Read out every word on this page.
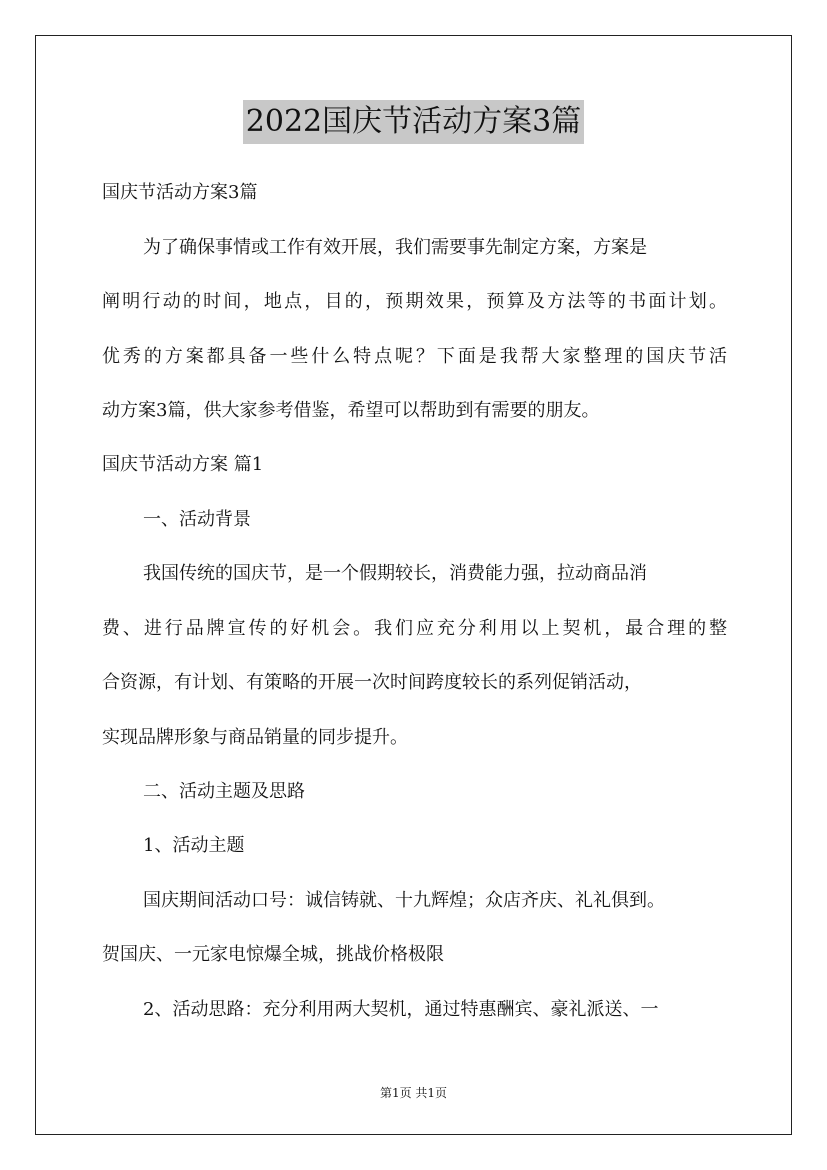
2022国庆节活动方案3篇
国庆节活动方案3篇
为了确保事情或工作有效开展，我们需要事先制定方案，方案是
阐明行动的时间，地点，目的，预期效果，预算及方法等的书面计划。
优秀的方案都具备一些什么特点呢？下面是我帮大家整理的国庆节活
动方案3篇，供大家参考借鉴，希望可以帮助到有需要的朋友。
国庆节活动方案 篇1
一、活动背景
我国传统的国庆节，是一个假期较长，消费能力强，拉动商品消
费、进行品牌宣传的好机会。我们应充分利用以上契机，最合理的整
合资源，有计划、有策略的开展一次时间跨度较长的系列促销活动，
实现品牌形象与商品销量的同步提升。
二、活动主题及思路
1、活动主题
国庆期间活动口号：诚信铸就、十九辉煌；众店齐庆、礼礼俱到。
贺国庆、一元家电惊爆全城，挑战价格极限
2、活动思路：充分利用两大契机，通过特惠酬宾、豪礼派送、一
第1页 共1页
